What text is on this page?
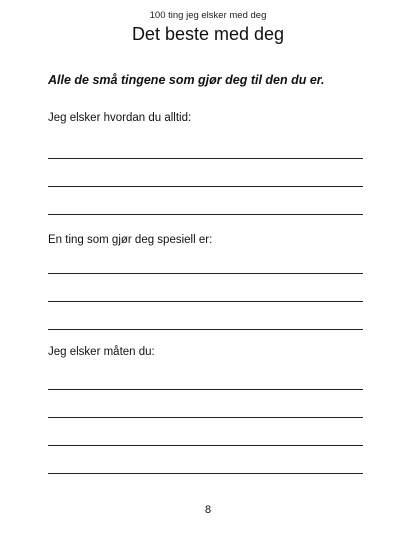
100 ting jeg elsker med deg
Det beste med deg
Alle de små tingene som gjør deg til den du er.
Jeg elsker hvordan du alltid:
En ting som gjør deg spesiell er:
Jeg elsker måten du:
8
